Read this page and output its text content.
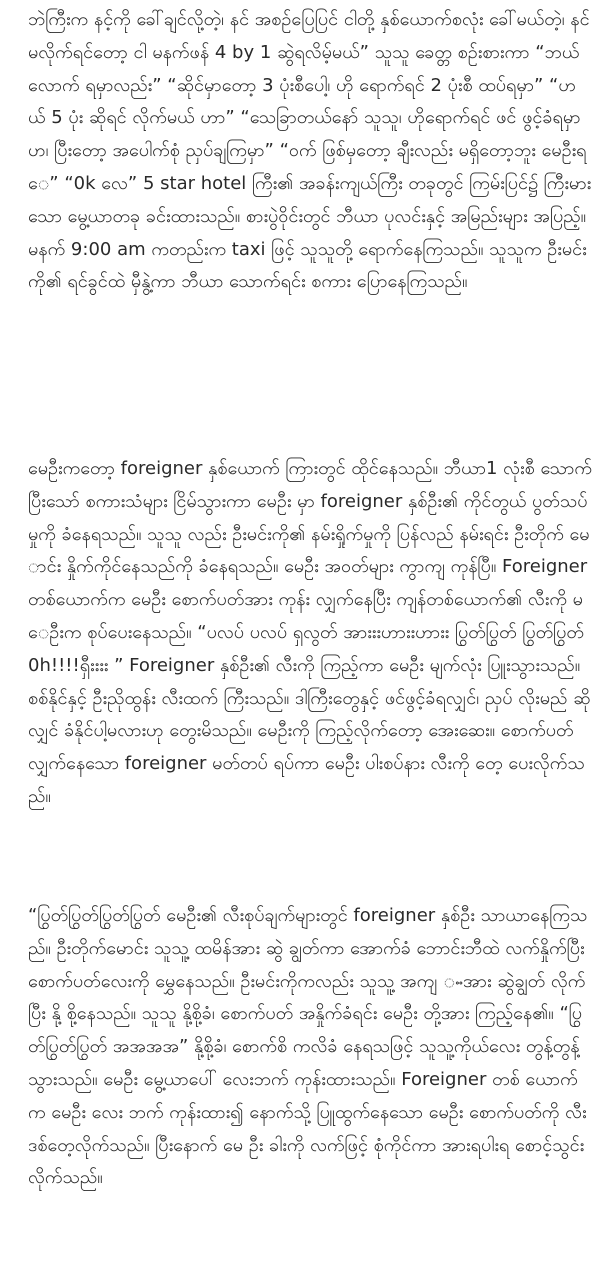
ဘဲကြီးက နင့်ကို ခေါ်ချင်လို့တဲ့၊ နင် အစဉ်ပြေပြင် ငါတို့ နှစ်ယောက်စလုံး ခေါ်မယ်တဲ့၊ နင် မလိုက်ရင်တော့ ငါ မနက်ဖန် 4 by 1 ဆွဲရလိမ့်မယ်” သူသူ ခေတ္တ စဉ်းစားကာ “ဘယ်လောက် ရမှာလည်း” “ဆိုင်မှာတော့ 3 ပုံးစီပေါ့၊ ဟို ရောက်ရင် 2 ပုံးစီ ထပ်ရမှာ” “ဟယ် 5 ပုံး ဆိုရင် လိုက်မယ် ဟာ” “သေခြာတယ်နော် သူသူ၊ ဟိုရောက်ရင် ဖင် ဖွင့်ခံရမှာ ဟ၊ ပြီးတော့ အပေါက်စုံ ညှပ်ချကြမှာ” “ဝက် ဖြစ်မှတော့ ချီးလည်း မရှိတော့ဘူး မေဦးရေ” “0k လေ” 5 star hotel ကြီး၏ အခန်းကျယ်ကြီး တခုတွင် ကြမ်းပြင်၌ ကြီးမားသော မွေ့ယာတခု ခင်းထားသည်။ စားပွဲဝိုင်းတွင် ဘီယာ ပုလင်းနှင့် အမြည်းများ အပြည့်။ မနက် 9:00 am ကတည်းက taxi ဖြင့် သူသူတို့ ရောက်နေကြသည်။ သူသူက ဦးမင်းကို၏ ရင်ခွင်ထဲ မှီနွဲ့ကာ ဘီယာ သောက်ရင်း စကား ပြောနေကြသည်။

မေဦးကတော့ foreigner နှစ်ယောက် ကြားတွင် ထိုင်နေသည်။ ဘီယာ1 လုံးစီ သောက်ပြီးသော် စကားသံများ ငြိမ်သွားကာ မေဦး မှာ foreigner နှစ်ဦး၏ ကိုင်တွယ် ပွတ်သပ်မှုကို ခံနေရသည်။ သူသူ လည်း ဦးမင်းကို၏ နမ်းရှိုက်မှုကို ပြန်လည် နမ်းရင်း ဦးတိုက် မောင်း နှိုက်ကိုင်နေသည်ကို ခံနေရသည်။ မေဦး အဝတ်များ ကွာကျ ကုန်ပြီ။ Foreigner တစ်ယောက်က မေဦး စောက်ပတ်အား ကုန်း လျှက်နေပြီး ကျန်တစ်ယောက်၏ လီးကို မေဦးက စုပ်ပေးနေသည်။ “ပလပ် ပလပ် ရှလွတ် အားးးဟားးဟားး ပြွတ်ပြွတ် ပြွတ်ပြွတ် 0h!!!!ရှီးးးး ” Foreigner နှစ်ဦး၏ လီးကို ကြည့်ကာ မေဦး မျက်လုံး ပြူးသွားသည်။ စစ်နိုင်နှင့် ဦးညိုထွန်း လီးထက် ကြီးသည်။ ဒါကြီးတွေနှင့် ဖင်ဖွင့်ခံရလျှင်၊ ညှပ် လိုးမည် ဆိုလျှင် ခံနိုင်ပါ့မလားဟု တွေးမိသည်။ မေဦးကို ကြည့်လိုက်တော့ အေးဆေး။ စောက်ပတ် လျှက်နေသော foreigner မတ်တပ် ရပ်ကာ မေဦး ပါးစပ်နား လီးကို တေ့ ပေးလိုက်သည်။

“ပြွတ်ပြွတ်ပြွတ်ပြွတ် မေဦး၏ လီးစုပ်ချက်များတွင် foreigner နှစ်ဦး သာယာနေကြသည်။ ဦးတိုက်မောင်း သူသူ့ ထမိန်အား ဆွဲ ချွတ်ကာ အောက်ခံ ဘောင်းဘီထဲ လက်နှိုက်ပြီး စောက်ပတ်လေးကို မွှေနေသည်။ ဦးမင်းကိုကလည်း သူသူ့ အကျ ႌအား ဆွဲချွတ် လိုက်ပြီး နို့ စို့နေသည်။ သူသူ နို့စို့ခံ၊ စောက်ပတ် အနှိုက်ခံရင်း မေဦး တို့အား ကြည့်နေ၏။ “ပြွတ်ပြွတ်ပြွတ် အအအအ” နို့စို့ခံ၊ စောက်စိ ကလိခံ နေရသဖြင့် သူသူ့ကိုယ်လေး တွန့်တွန့်သွားသည်။ မေဦး မွေ့ယာပေါ် လေးဘက် ကုန်းထားသည်။ Foreigner တစ် ယောက်က မေဦး လေး ဘက် ကုန်းထား၍ နောက်သို့ ပြူထွက်နေသော မေဦး စောက်ပတ်ကို လီးဒစ်တေ့လိုက်သည်။ ပြီးနောက် မေ ဦး ခါးကို လက်ဖြင့် စုံကိုင်ကာ အားရပါးရ စောင့်သွင်းလိုက်သည်။
